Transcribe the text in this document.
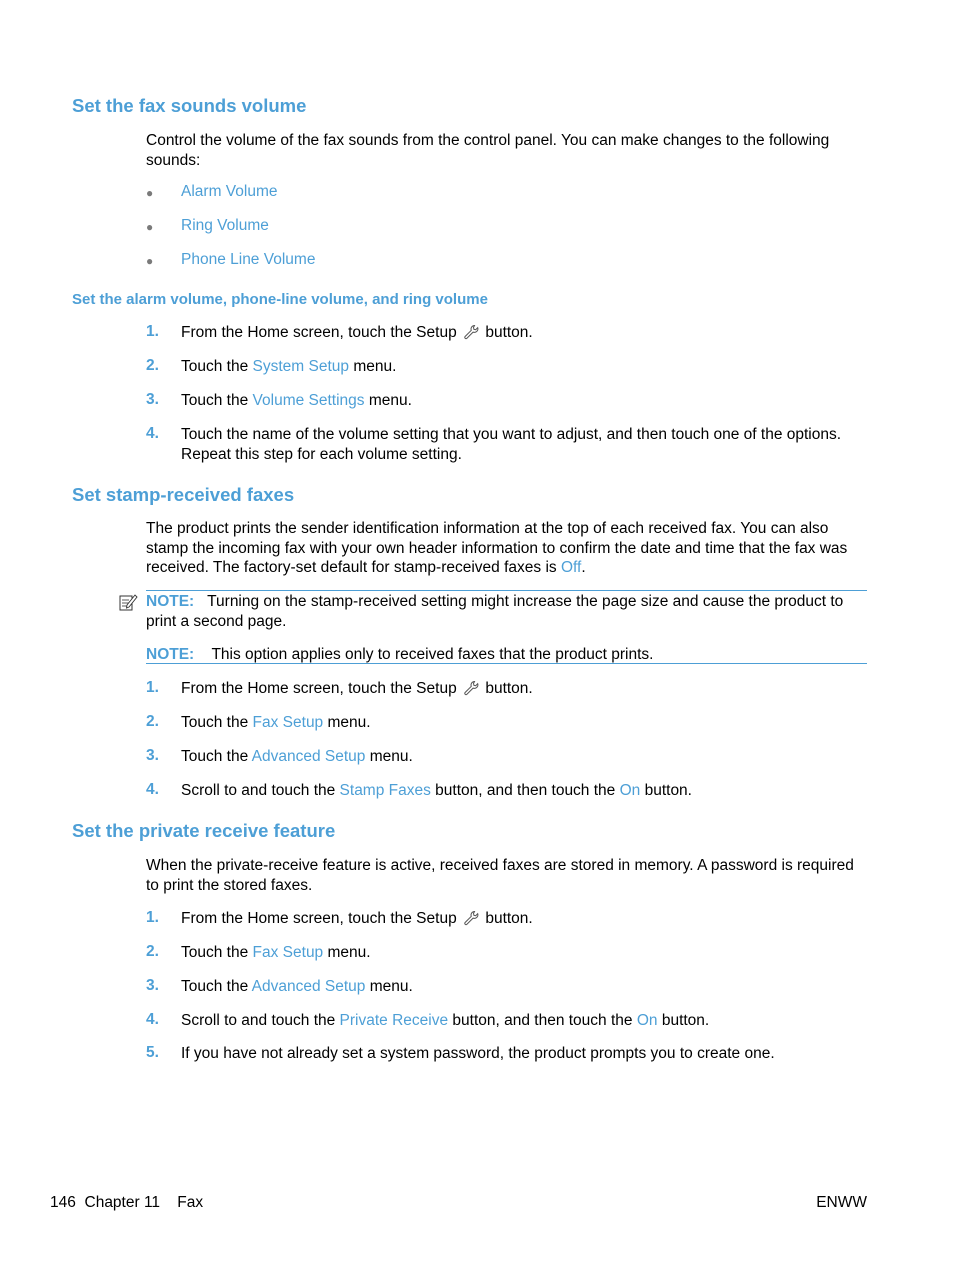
Set the fax sounds volume
Control the volume of the fax sounds from the control panel. You can make changes to the following sounds:
● Alarm Volume
● Ring Volume
● Phone Line Volume
Set the alarm volume, phone-line volume, and ring volume
1. From the Home screen, touch the Setup button.
2. Touch the System Setup menu.
3. Touch the Volume Settings menu.
4. Touch the name of the volume setting that you want to adjust, and then touch one of the options. Repeat this step for each volume setting.
Set stamp-received faxes
The product prints the sender identification information at the top of each received fax. You can also stamp the incoming fax with your own header information to confirm the date and time that the fax was received. The factory-set default for stamp-received faxes is Off.
NOTE: Turning on the stamp-received setting might increase the page size and cause the product to print a second page.
NOTE: This option applies only to received faxes that the product prints.
1. From the Home screen, touch the Setup button.
2. Touch the Fax Setup menu.
3. Touch the Advanced Setup menu.
4. Scroll to and touch the Stamp Faxes button, and then touch the On button.
Set the private receive feature
When the private-receive feature is active, received faxes are stored in memory. A password is required to print the stored faxes.
1. From the Home screen, touch the Setup button.
2. Touch the Fax Setup menu.
3. Touch the Advanced Setup menu.
4. Scroll to and touch the Private Receive button, and then touch the On button.
5. If you have not already set a system password, the product prompts you to create one.
146 Chapter 11 Fax	ENWW
